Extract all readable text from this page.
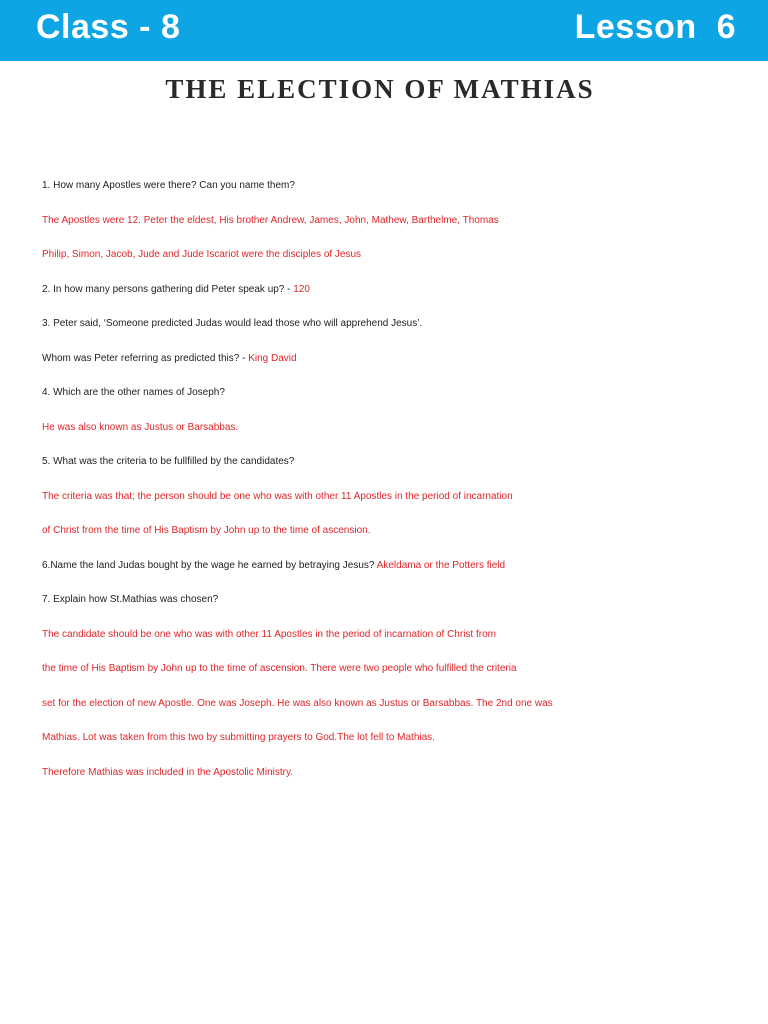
Class - 8	Lesson  6
THE ELECTION OF MATHIAS
1. How many Apostles were there? Can you name them?
The Apostles were 12. Peter the eldest, His brother Andrew, James, John, Mathew, Barthelme, Thomas
Philip, Simon, Jacob, Jude and Jude Iscariot were the disciples of Jesus
2. In how many persons gathering did Peter speak up? - 120
3. Peter said, ‘Someone predicted Judas would lead those who will apprehend Jesus’.
Whom was Peter referring as predicted this? - King David
4. Which are the other names of Joseph?
He was also known as Justus or Barsabbas.
5. What was the criteria to be fullfilled by the candidates?
The criteria was that; the person should be one who was with other 11 Apostles in the period of incarnation
of Christ from the time of His Baptism by John up to the time of ascension.
6.Name the land Judas bought by the wage he earned by betraying Jesus? Akeldama or the Potters field
7. Explain how St.Mathias was chosen?
The candidate should be one who was with other 11 Apostles in the period of incarnation of Christ from
the time of His Baptism by John up to the time of ascension. There were two people who fulfilled the criteria
set for the election of new Apostle. One was Joseph. He was also known as Justus or Barsabbas. The 2nd one was
Mathias. Lot was taken from this two by submitting prayers to God.The lot fell to Mathias.
Therefore Mathias was included in the Apostolic Ministry.
